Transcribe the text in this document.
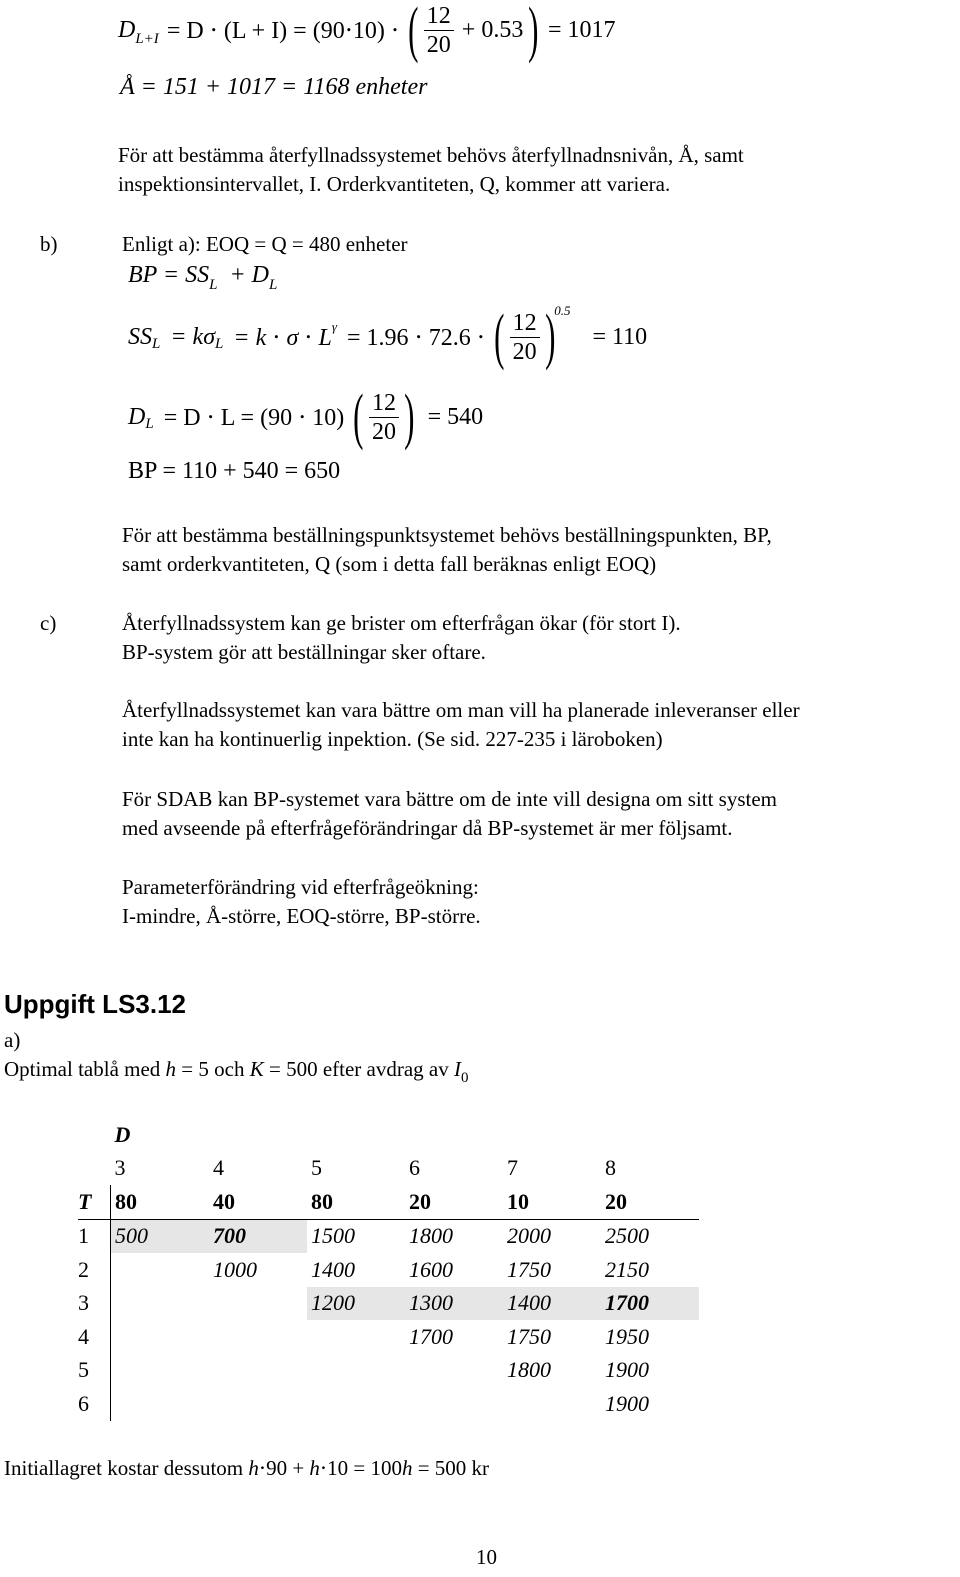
D L+I = D ⋅ (L + I) = (90⋅10) ⋅ ( $\frac{12}{20} + 0.53$ ) = 1017
Å = 151 + 1017 = 1168 enheter
För att bestämma återfyllnadssystemet behövs återfyllnadnsnivån, Å, samt
inspektionsintervallet, I. Orderkvantiteten, Q, kommer att variera.
b)	Enligt a): EOQ = Q = 480 enheter
BP = $SS_L + D_L$
SS L = kσ L = k ⋅ σ ⋅ L γ = 1.96 ⋅ 72.6 ⋅ ( $\frac{12}{20}$ ) 0.5
= 110
D L = D ⋅ L = (90 ⋅ 10) ( $\frac{12}{20}$ ) = 540
BP = 110 + 540 = 650
För att bestämma beställningspunktsystemet behövs beställningspunkten, BP,
samt orderkvantiteten, Q (som i detta fall beräknas enligt EOQ)
c)	Återfyllnadssystem kan ge brister om efterfrågan ökar (för stort I).
BP-system gör att beställningar sker oftare.
Återfyllnadssystemet kan vara bättre om man vill ha planerade inleveranser eller
inte kan ha kontinuerlig inpektion. (Se sid. 227-235 i läroboken)
För SDAB kan BP-systemet vara bättre om de inte vill designa om sitt system
med avseende på efterfrågeförändringar då BP-systemet är mer följsamt.
Parameterförändring vid efterfrågeökning:
I-mindre, Å-större, EOQ-större, BP-större.
Uppgift LS3.12
a)
Optimal tablå med h = 5 och K = 500 efter avdrag av $I_0$
	D					
	3	4	5	6	7	8
T	80	40	80	20	10	20
1	500	700	1500	1800	2000	2500
2		1000	1400	1600	1750	2150
3			1200	1300	1400	1700
4				1700	1750	1950
5					1800	1900
6						1900
Initiallagret kostar dessutom h⋅90 + h⋅10 = 100h = 500 kr
10
